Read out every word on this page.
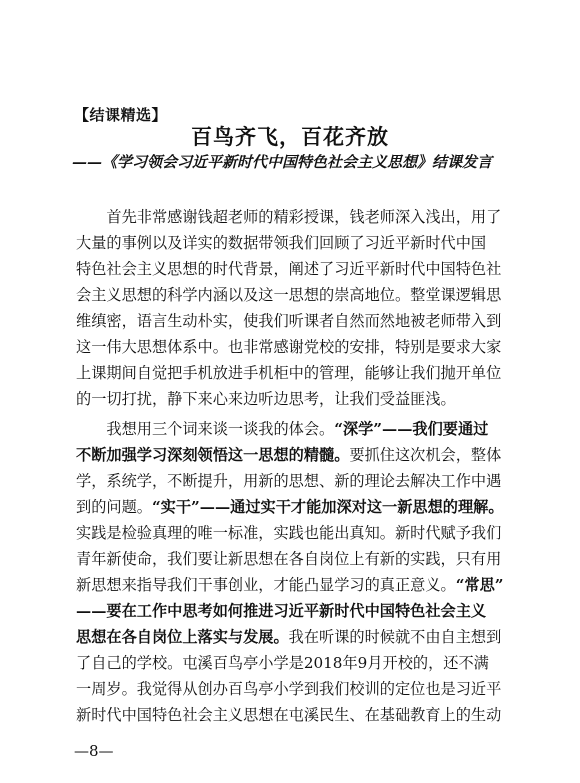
【结课精选】
百鸟齐飞，百花齐放
——《学习领会习近平新时代中国特色社会主义思想》结课发言
　　首先非常感谢钱超老师的精彩授课，钱老师深入浅出，用了
大量的事例以及详实的数据带领我们回顾了习近平新时代中国
特色社会主义思想的时代背景，阐述了习近平新时代中国特色社
会主义思想的科学内涵以及这一思想的崇高地位。整堂课逻辑思
维缜密，语言生动朴实，使我们听课者自然而然地被老师带入到
这一伟大思想体系中。也非常感谢党校的安排，特别是要求大家
上课期间自觉把手机放进手机柜中的管理，能够让我们抛开单位
的一切打扰，静下来心来边听边思考，让我们受益匪浅。
　　我想用三个词来谈一谈我的体会。“深学”——我们要通过
不断加强学习深刻领悟这一思想的精髓。要抓住这次机会，整体
学，系统学，不断提升，用新的思想、新的理论去解决工作中遇
到的问题。“实干”——通过实干才能加深对这一新思想的理解。
实践是检验真理的唯一标准，实践也能出真知。新时代赋予我们
青年新使命，我们要让新思想在各自岗位上有新的实践，只有用
新思想来指导我们干事创业，才能凸显学习的真正意义。“常思”
——要在工作中思考如何推进习近平新时代中国特色社会主义
思想在各自岗位上落实与发展。我在听课的时候就不由自主想到
了自己的学校。屯溪百鸟亭小学是2018年9月开校的，还不满
一周岁。我觉得从创办百鸟亭小学到我们校训的定位也是习近平
新时代中国特色社会主义思想在屯溪民生、在基础教育上的生动
—8—
